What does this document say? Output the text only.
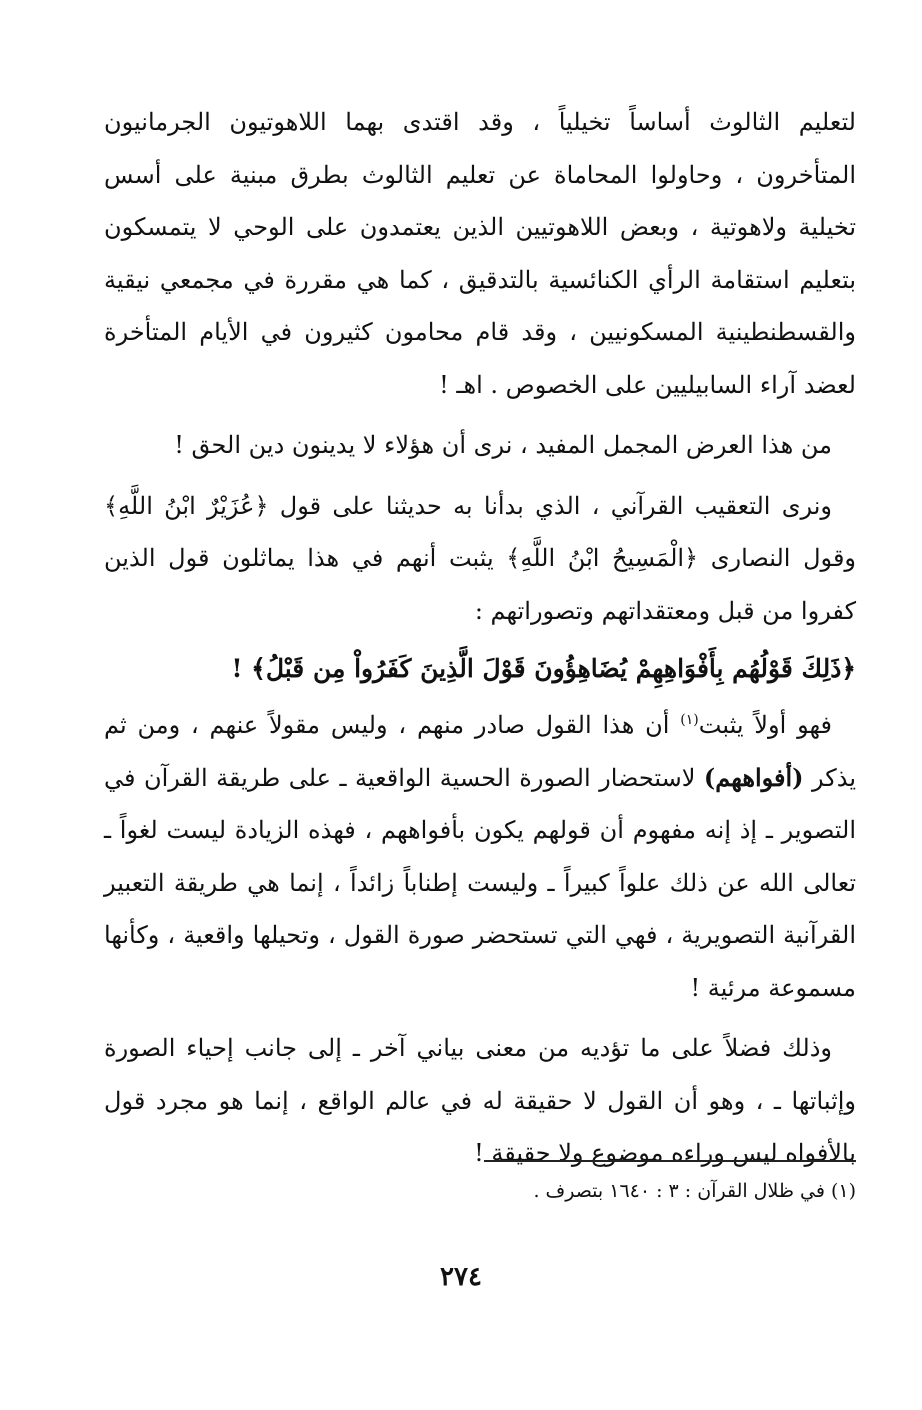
لتعليم الثالوث أساساً تخيلياً ، وقد اقتدى بهما اللاهوتيون الجرمانيون المتأخرون ، وحاولوا المحاماة عن تعليم الثالوث بطرق مبنية على أسس تخيلية ولاهوتية ، وبعض اللاهوتيين الذين يعتمدون على الوحي لا يتمسكون بتعليم استقامة الرأي الكنائسية بالتدقيق ، كما هي مقررة في مجمعي نيقية والقسطنطينية المسكونيين ، وقد قام محامون كثيرون في الأيام المتأخرة لعضد آراء السابيليين على الخصوص . اهـ !

من هذا العرض المجمل المفيد ، نرى أن هؤلاء لا يدينون دين الحق !

ونرى التعقيب القرآني ، الذي بدأنا به حديثنا على قول ﴿عُزَيْرٌ ابْنُ اللَّهِ﴾ وقول النصارى ﴿الْمَسِيحُ ابْنُ اللَّهِ﴾ يثبت أنهم في هذا يماثلون قول الذين كفروا من قبل ومعتقداتهم وتصوراتهم :

﴿ذَلِكَ قَوْلُهُم بِأَفْوَاهِهِمْ يُضَاهِؤُونَ قَوْلَ الَّذِينَ كَفَرُواْ مِن قَبْلُ﴾ !

فهو أولاً يثبت$^{(١)}$ أن هذا القول صادر منهم ، وليس مقولاً عنهم ، ومن ثم يذكر (أفواههم) لاستحضار الصورة الحسية الواقعية ـ على طريقة القرآن في التصوير ـ إذ إنه مفهوم أن قولهم يكون بأفواههم ، فهذه الزيادة ليست لغواً ـ تعالى الله عن ذلك علواً كبيراً ـ وليست إطناباً زائداً ، إنما هي طريقة التعبير القرآنية التصويرية ، فهي التي تستحضر صورة القول ، وتحيلها واقعية ، وكأنها مسموعة مرئية !

وذلك فضلاً على ما تؤديه من معنى بياني آخر ـ إلى جانب إحياء الصورة وإثباتها ـ ، وهو أن القول لا حقيقة له في عالم الواقع ، إنما هو مجرد قول بالأفواه ليس وراءه موضوع ولا حقيقة !

(١) في ظلال القرآن : ٣ : ١٦٤٠ بتصرف .

٢٧٤
